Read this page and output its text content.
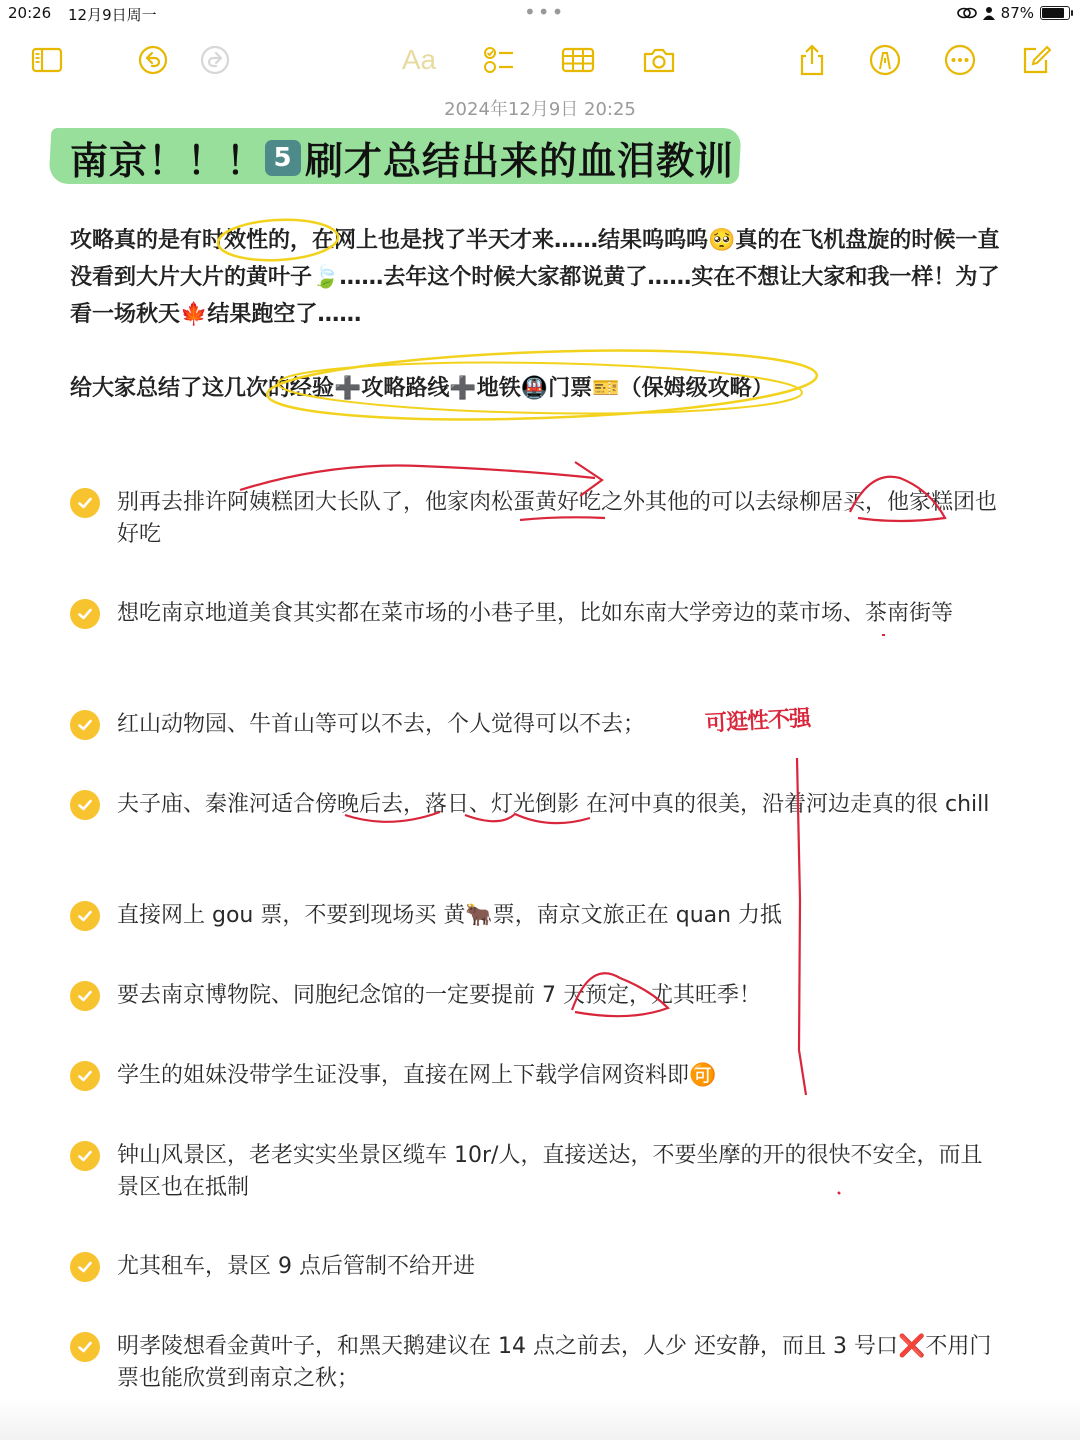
20:26 12月9日周一	•••	87%
Aa
2024年12月9日 20:25
南京！！！ 5 刷才总结出来的血泪教训

攻略真的是有时效性的，在网上也是找了半天才来……结果呜呜呜🥺真的在飞机盘旋的时候一直没看到大片大片的黄叶子🍃……去年这个时候大家都说黄了……实在不想让大家和我一样！为了看一场秋天🍁结果跑空了……

给大家总结了这几次的经验➕攻略路线➕地铁🚇门票🎫（保姆级攻略）

别再去排许阿姨糕团大长队了，他家肉松蛋黄好吃之外其他的可以去绿柳居买，他家糕团也好吃
想吃南京地道美食其实都在菜市场的小巷子里，比如东南大学旁边的菜市场、茶南街等
红山动物园、牛首山等可以不去，个人觉得可以不去；
夫子庙、秦淮河适合傍晚后去，落日、灯光倒影 在河中真的很美，沿着河边走真的很 chill
直接网上 gou 票，不要到现场买 黄🐂票，南京文旅正在 quan 力抵
要去南京博物院、同胞纪念馆的一定要提前 7 天预定，尤其旺季！
学生的姐妹没带学生证没事，直接在网上下载学信网资料即🉑
钟山风景区，老老实实坐景区缆车 10r/人，直接送达，不要坐摩的开的很快不安全，而且景区也在抵制
尤其租车，景区 9 点后管制不给开进
明孝陵想看金黄叶子，和黑天鹅建议在 14 点之前去，人少 还安静，而且 3 号口❌不用门票也能欣赏到南京之秋；
可逛性不强
